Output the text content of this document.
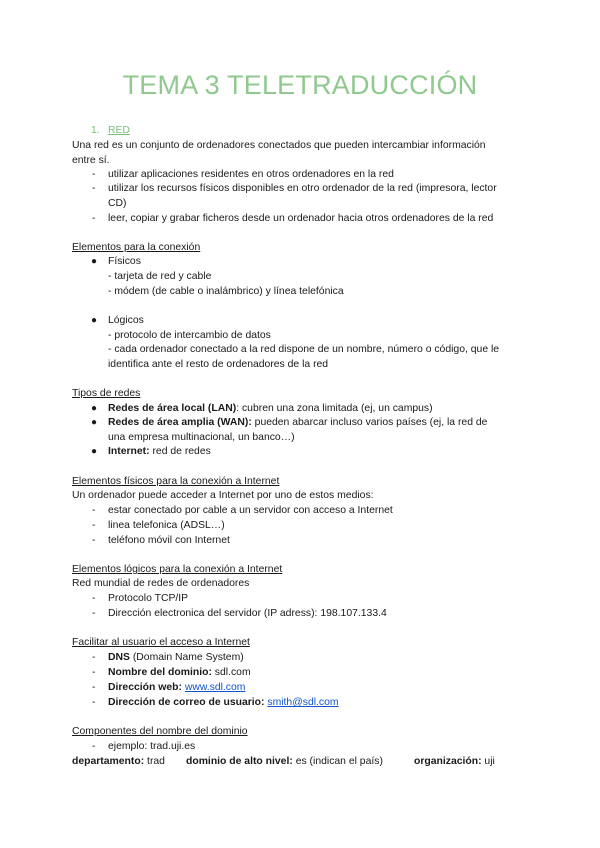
TEMA 3 TELETRADUCCIÓN
1. RED
Una red es un conjunto de ordenadores conectados que pueden intercambiar información
entre sí.
- utilizar aplicaciones residentes en otros ordenadores en la red
- utilizar los recursos físicos disponibles en otro ordenador de la red (impresora, lector
CD)
- leer, copiar y grabar ficheros desde un ordenador hacia otros ordenadores de la red
Elementos para la conexión
● Físicos
- tarjeta de red y cable
- módem (de cable o inalámbrico) y línea telefónica
● Lógicos
- protocolo de intercambio de datos
- cada ordenador conectado a la red dispone de un nombre, número o código, que le
identifica ante el resto de ordenadores de la red
Tipos de redes
● Redes de área local (LAN): cubren una zona limitada (ej, un campus)
● Redes de área amplia (WAN): pueden abarcar incluso varios países (ej, la red de
una empresa multinacional, un banco…)
● Internet: red de redes
Elementos físicos para la conexión a Internet
Un ordenador puede acceder a Internet por uno de estos medios:
- estar conectado por cable a un servidor con acceso a Internet
- linea telefonica (ADSL…)
- teléfono móvil con Internet
Elementos lógicos para la conexión a Internet
Red mundial de redes de ordenadores
- Protocolo TCP/IP
- Dirección electronica del servidor (IP adress): 198.107.133.4
Facilitar al usuario el acceso a Internet
- DNS (Domain Name System)
- Nombre del dominio: sdl.com
- Dirección web: www.sdl.com
- Dirección de correo de usuario: smith@sdl.com
Componentes del nombre del dominio
- ejemplo: trad.uji.es
departamento: trad dominio de alto nivel: es (indican el país)	organización: uji
